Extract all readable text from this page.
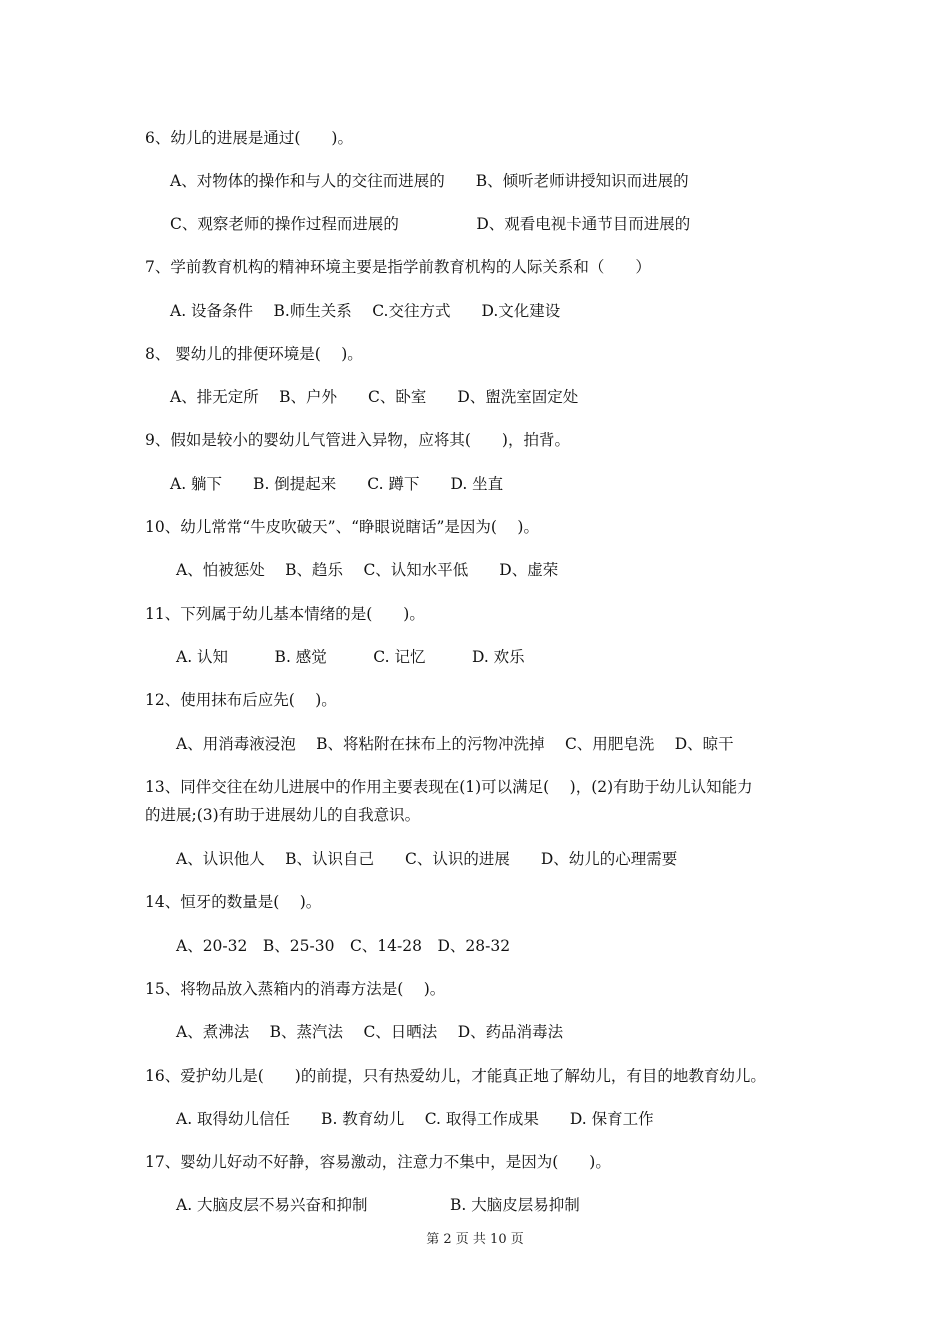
6、幼儿的进展是通过(　　)。
A、对物体的操作和与人的交往而进展的　　B、倾听老师讲授知识而进展的
C、观察老师的操作过程而进展的　　　　　D、观看电视卡通节目而进展的
7、学前教育机构的精神环境主要是指学前教育机构的人际关系和（　　）
A. 设备条件　 B.师生关系　 C.交往方式　　D.文化建设
8、 婴幼儿的排便环境是(　 )。
A、排无定所　 B、户外　　C、卧室　　D、盥洗室固定处
9、假如是较小的婴幼儿气管进入异物，应将其(　　)，拍背。
A. 躺下　　B. 倒提起来　　C. 蹲下　　D. 坐直
10、幼儿常常“牛皮吹破天”、“睁眼说瞎话”是因为(　 )。
A、怕被惩处　 B、趋乐　 C、认知水平低　　D、虚荣
11、下列属于幼儿基本情绪的是(　　)。
A. 认知　　　B. 感觉　　　C. 记忆　　　D. 欢乐
12、使用抹布后应先(　 )。
A、用消毒液浸泡　 B、将粘附在抹布上的污物冲洗掉　 C、用肥皂洗　 D、晾干
13、同伴交往在幼儿进展中的作用主要表现在(1)可以满足(　 )，(2)有助于幼儿认知能力
的进展;(3)有助于进展幼儿的自我意识。
A、认识他人　 B、认识自己　　C、认识的进展　　D、幼儿的心理需要
14、恒牙的数量是(　 )。
A、20-32　B、25-30　C、14-28　D、28-32
15、将物品放入蒸箱内的消毒方法是(　 )。
A、煮沸法　 B、蒸汽法　 C、日晒法　 D、药品消毒法
16、爱护幼儿是(　　)的前提，只有热爱幼儿，才能真正地了解幼儿，有目的地教育幼儿。
A. 取得幼儿信任　　B. 教育幼儿　 C. 取得工作成果　　D. 保育工作
17、婴幼儿好动不好静，容易激动，注意力不集中，是因为(　　)。
A. 大脑皮层不易兴奋和抑制　　　　　 B. 大脑皮层易抑制
第 2 页 共 10 页
